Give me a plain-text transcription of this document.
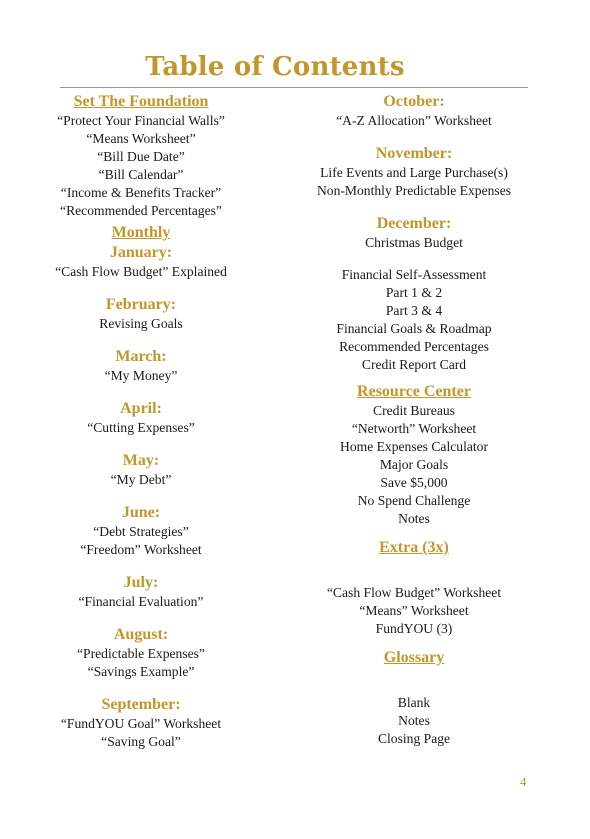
Table of Contents
Set The Foundation
“Protect Your Financial Walls”
“Means Worksheet”
“Bill Due Date”
“Bill Calendar”
“Income & Benefits Tracker”
“Recommended Percentages”
Monthly
January:
“Cash Flow Budget” Explained
February:
Revising Goals
March:
“My Money”
April:
“Cutting Expenses”
May:
“My Debt”
June:
“Debt Strategies”
“Freedom” Worksheet
July:
“Financial Evaluation”
August:
“Predictable Expenses”
“Savings Example”
September:
“FundYOU Goal” Worksheet
“Saving Goal”
October:
“A-Z Allocation” Worksheet
November:
Life Events and Large Purchase(s)
Non-Monthly Predictable Expenses
December:
Christmas Budget
Financial Self-Assessment
Part 1 & 2
Part 3 & 4
Financial Goals & Roadmap
Recommended Percentages
Credit Report Card
Resource Center
Credit Bureaus
“Networth” Worksheet
Home Expenses Calculator
Major Goals
Save $5,000
No Spend Challenge
Notes
Extra (3x)
“Cash Flow Budget” Worksheet
“Means” Worksheet
FundYOU (3)
Glossary
Blank
Notes
Closing Page
4
